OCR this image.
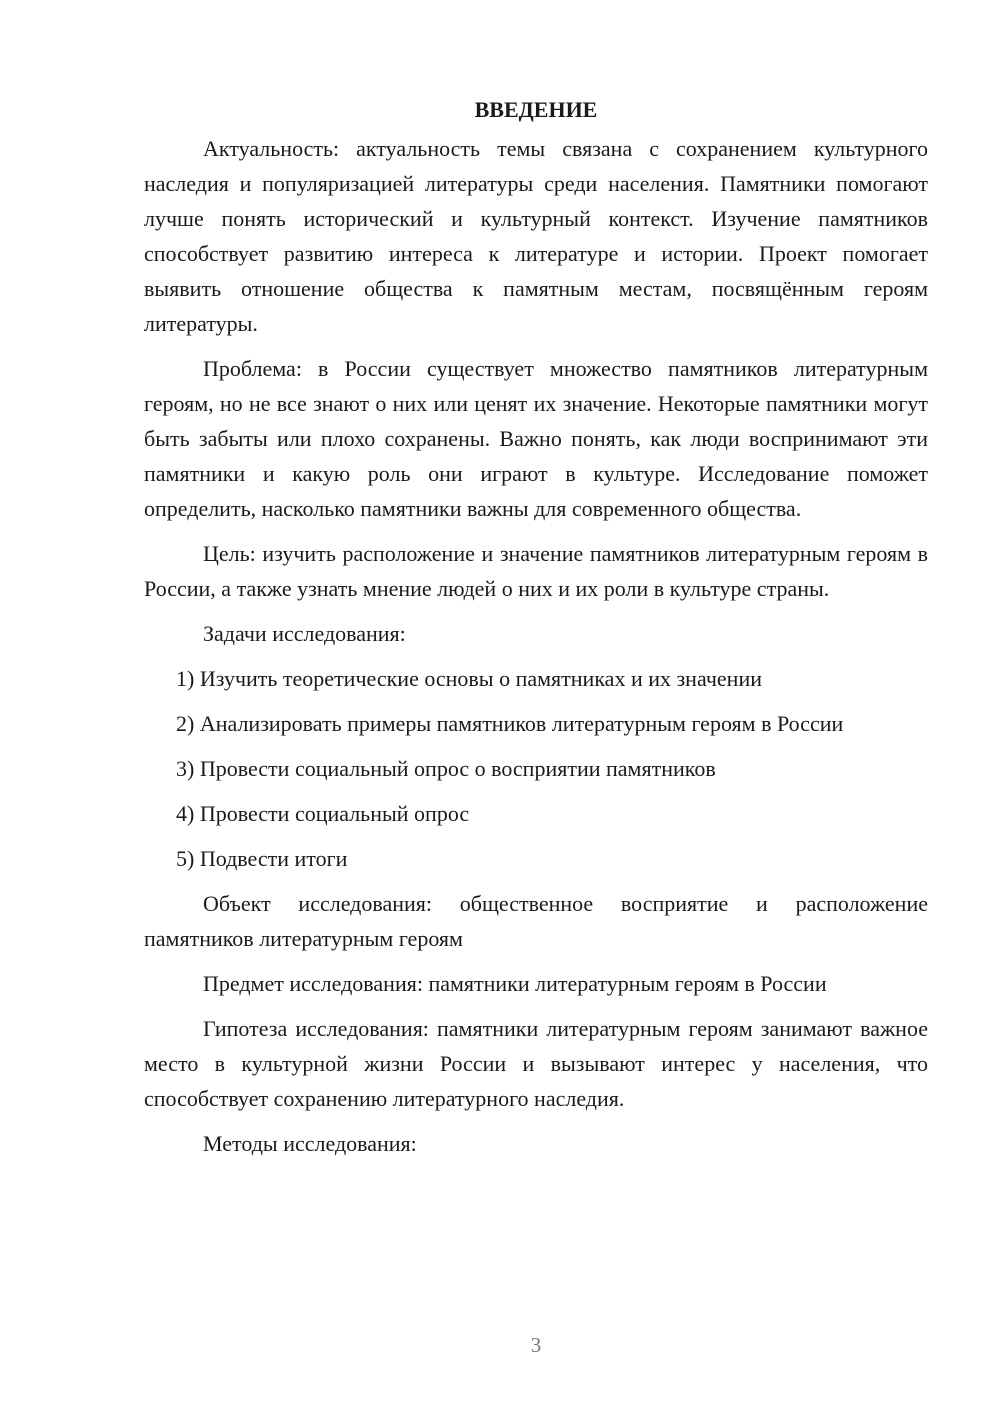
ВВЕДЕНИЕ

Актуальность: актуальность темы связана с сохранением культурного наследия и популяризацией литературы среди населения. Памятники помогают лучше понять исторический и культурный контекст. Изучение памятников способствует развитию интереса к литературе и истории. Проект помогает выявить отношение общества к памятным местам, посвящённым героям литературы.

Проблема: в России существует множество памятников литературным героям, но не все знают о них или ценят их значение. Некоторые памятники могут быть забыты или плохо сохранены. Важно понять, как люди воспринимают эти памятники и какую роль они играют в культуре. Исследование поможет определить, насколько памятники важны для современного общества.

Цель: изучить расположение и значение памятников литературным героям в России, а также узнать мнение людей о них и их роли в культуре страны.

Задачи исследования:

1) Изучить теоретические основы о памятниках и их значении

2) Анализировать примеры памятников литературным героям в России

3) Провести социальный опрос о восприятии памятников

4) Провести социальный опрос

5) Подвести итоги

Объект исследования: общественное восприятие и расположение памятников литературным героям

Предмет исследования: памятники литературным героям в России

Гипотеза исследования: памятники литературным героям занимают важное место в культурной жизни России и вызывают интерес у населения, что способствует сохранению литературного наследия.

Методы исследования:

3
